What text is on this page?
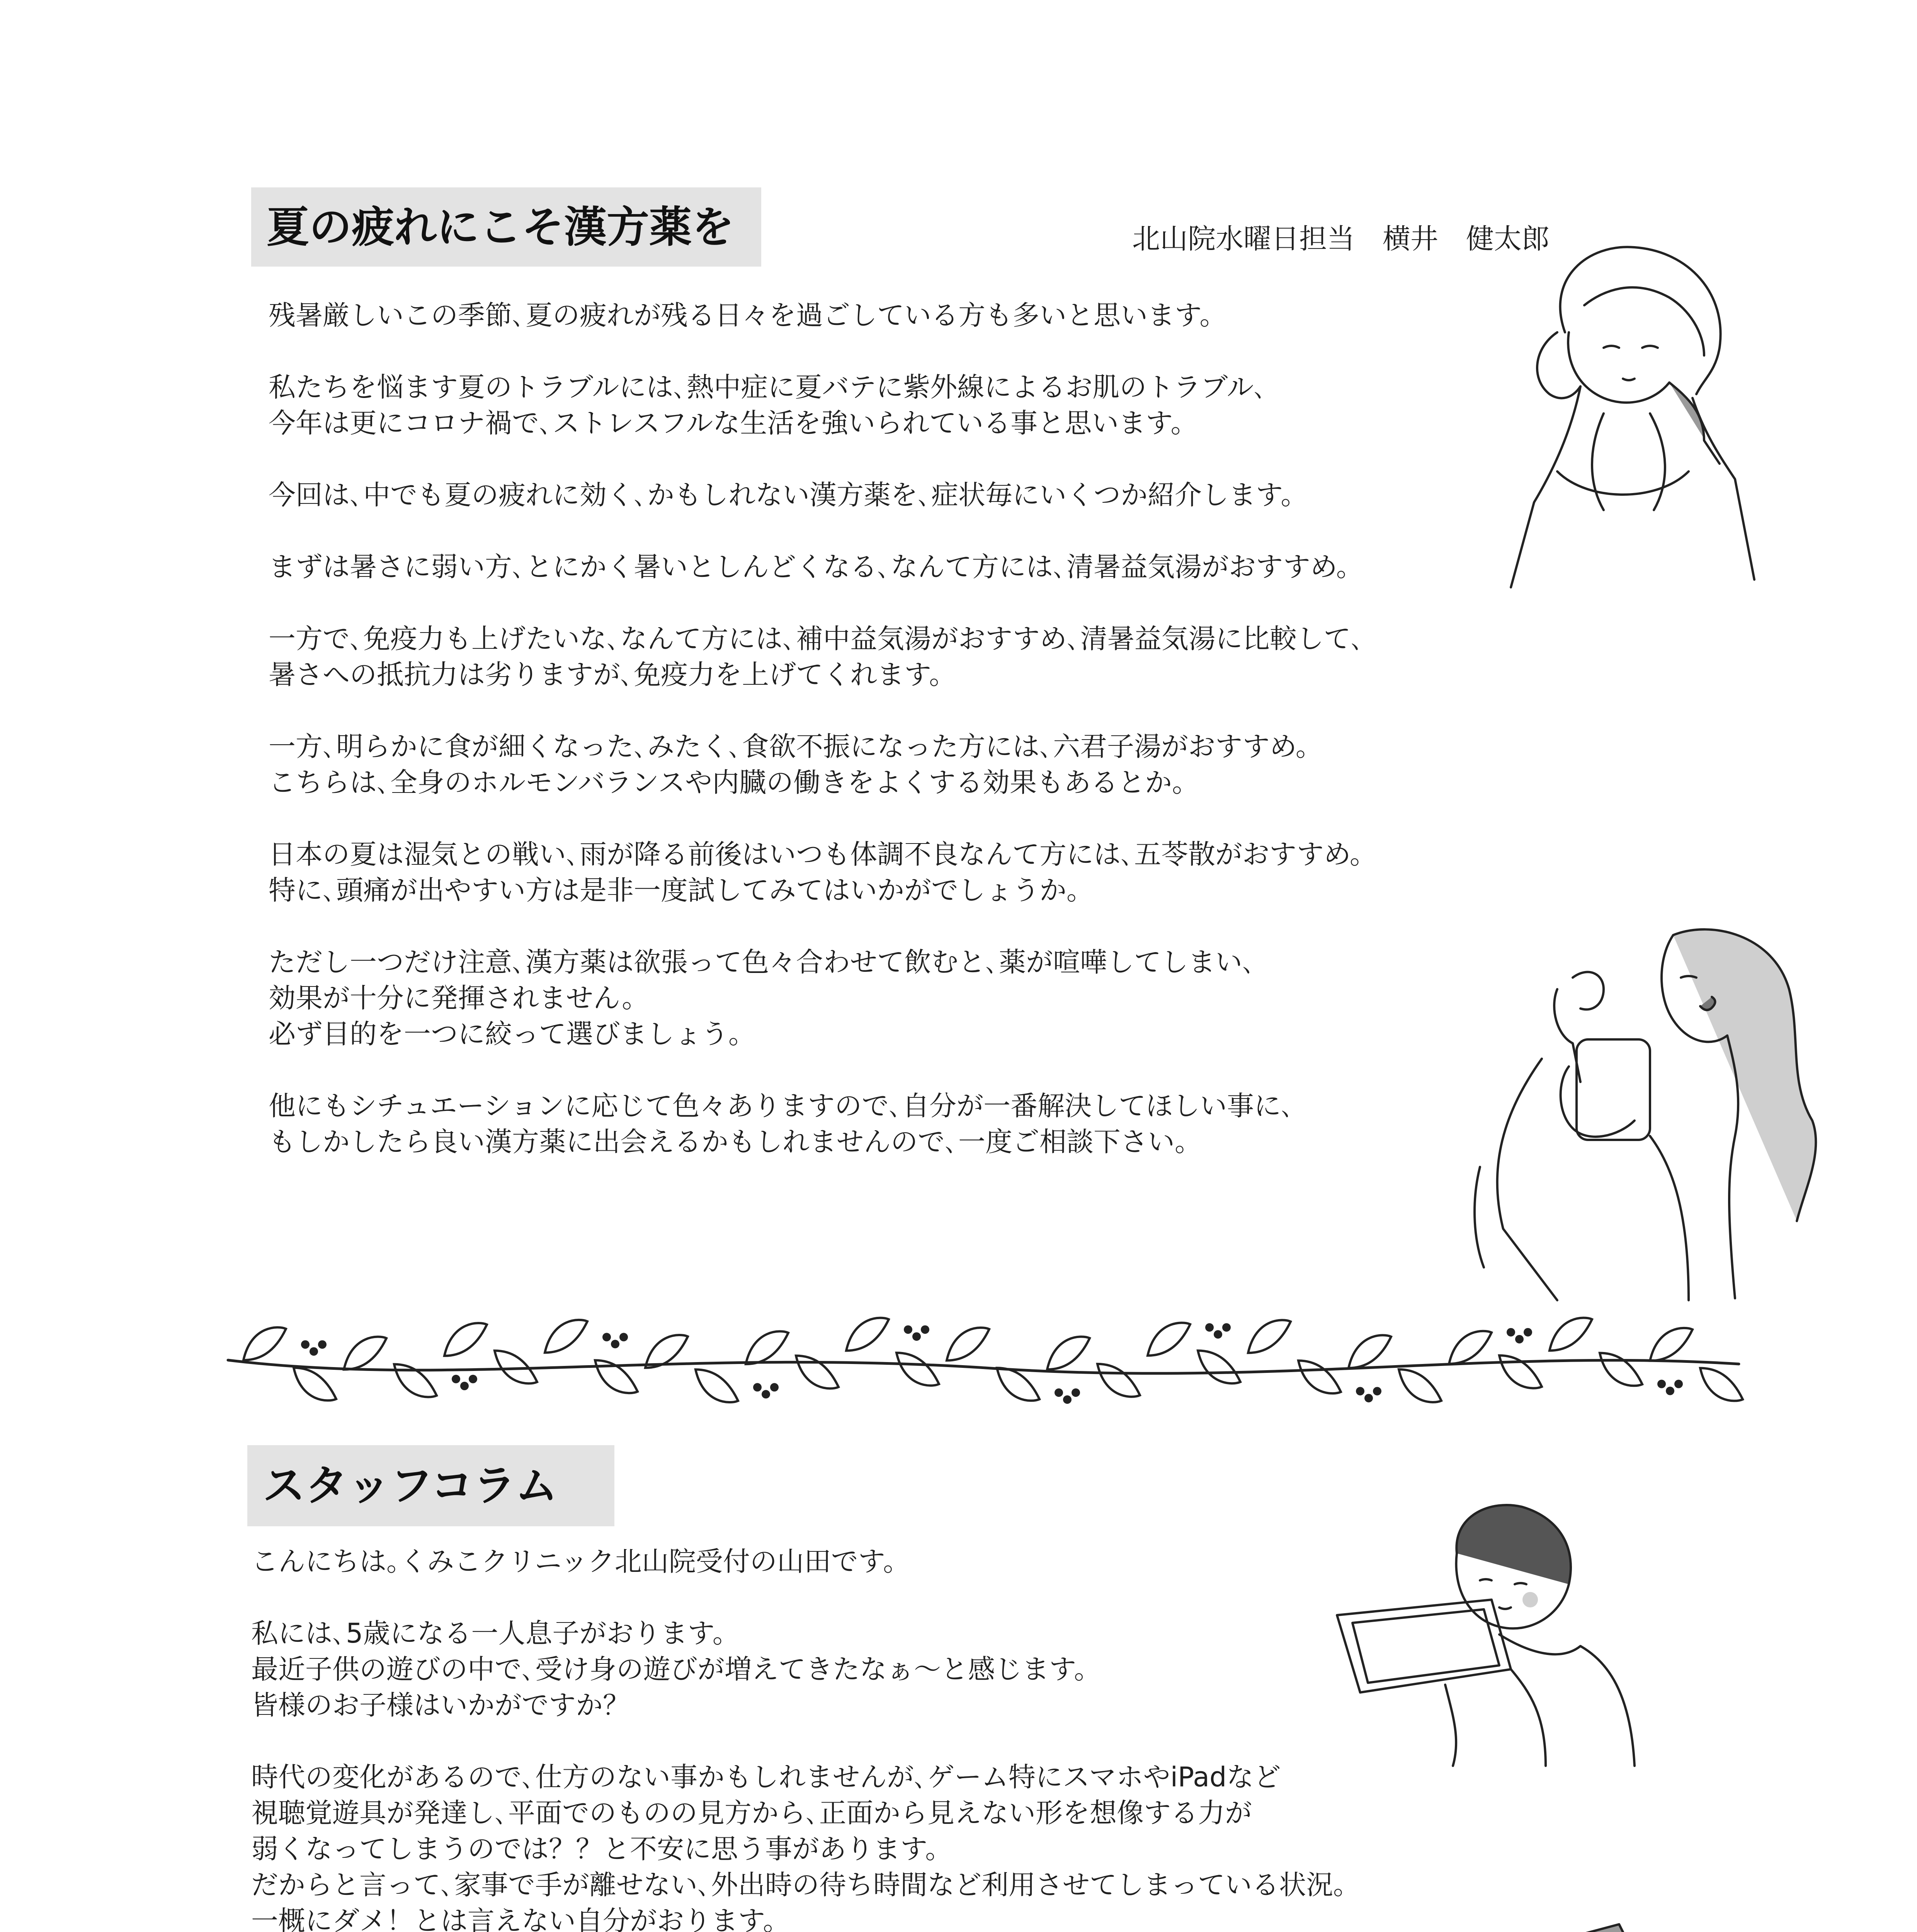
夏の疲れにこそ漢方薬を	北山院水曜日担当　横井　健太郎

残暑厳しいこの季節､夏の疲れが残る日々を過ごしている方も多いと思います。

私たちを悩ます夏のトラブルには､熱中症に夏バテに紫外線によるお肌のトラブル､
今年は更にコロナ禍で､ストレスフルな生活を強いられている事と思います。

今回は､中でも夏の疲れに効く､かもしれない漢方薬を､症状毎にいくつか紹介します。

まずは暑さに弱い方､とにかく暑いとしんどくなる､なんて方には､清暑益気湯がおすすめ。

一方で､免疫力も上げたいな､なんて方には､補中益気湯がおすすめ､清暑益気湯に比較して､
暑さへの抵抗力は劣りますが､免疫力を上げてくれます。

一方､明らかに食が細くなった､みたく､食欲不振になった方には､六君子湯がおすすめ。
こちらは､全身のホルモンバランスや内臓の働きをよくする効果もあるとか。

日本の夏は湿気との戦い､雨が降る前後はいつも体調不良なんて方には､五苓散がおすすめ。
特に､頭痛が出やすい方は是非一度試してみてはいかがでしょうか。

ただし一つだけ注意､漢方薬は欲張って色々合わせて飲むと､薬が喧嘩してしまい､
効果が十分に発揮されません。
必ず目的を一つに絞って選びましょう。

他にもシチュエーションに応じて色々ありますので､自分が一番解決してほしい事に､
もしかしたら良い漢方薬に出会えるかもしれませんので､一度ご相談下さい。

スタッフコラム

こんにちは｡くみこクリニック北山院受付の山田です。

私には､5歳になる一人息子がおります。
最近子供の遊びの中で､受け身の遊びが増えてきたなぁ～と感じます。
皆様のお子様はいかがですか？

時代の変化があるので､仕方のない事かもしれませんが､ゲーム特にスマホやiPadなど
視聴覚遊具が発達し､平面でのものの見方から､正面から見えない形を想像する力が
弱くなってしまうのでは？？と不安に思う事があります。
だからと言って､家事で手が離せない､外出時の待ち時間など利用させてしまっている状況。
一概にダメ！とは言えない自分がおります。
